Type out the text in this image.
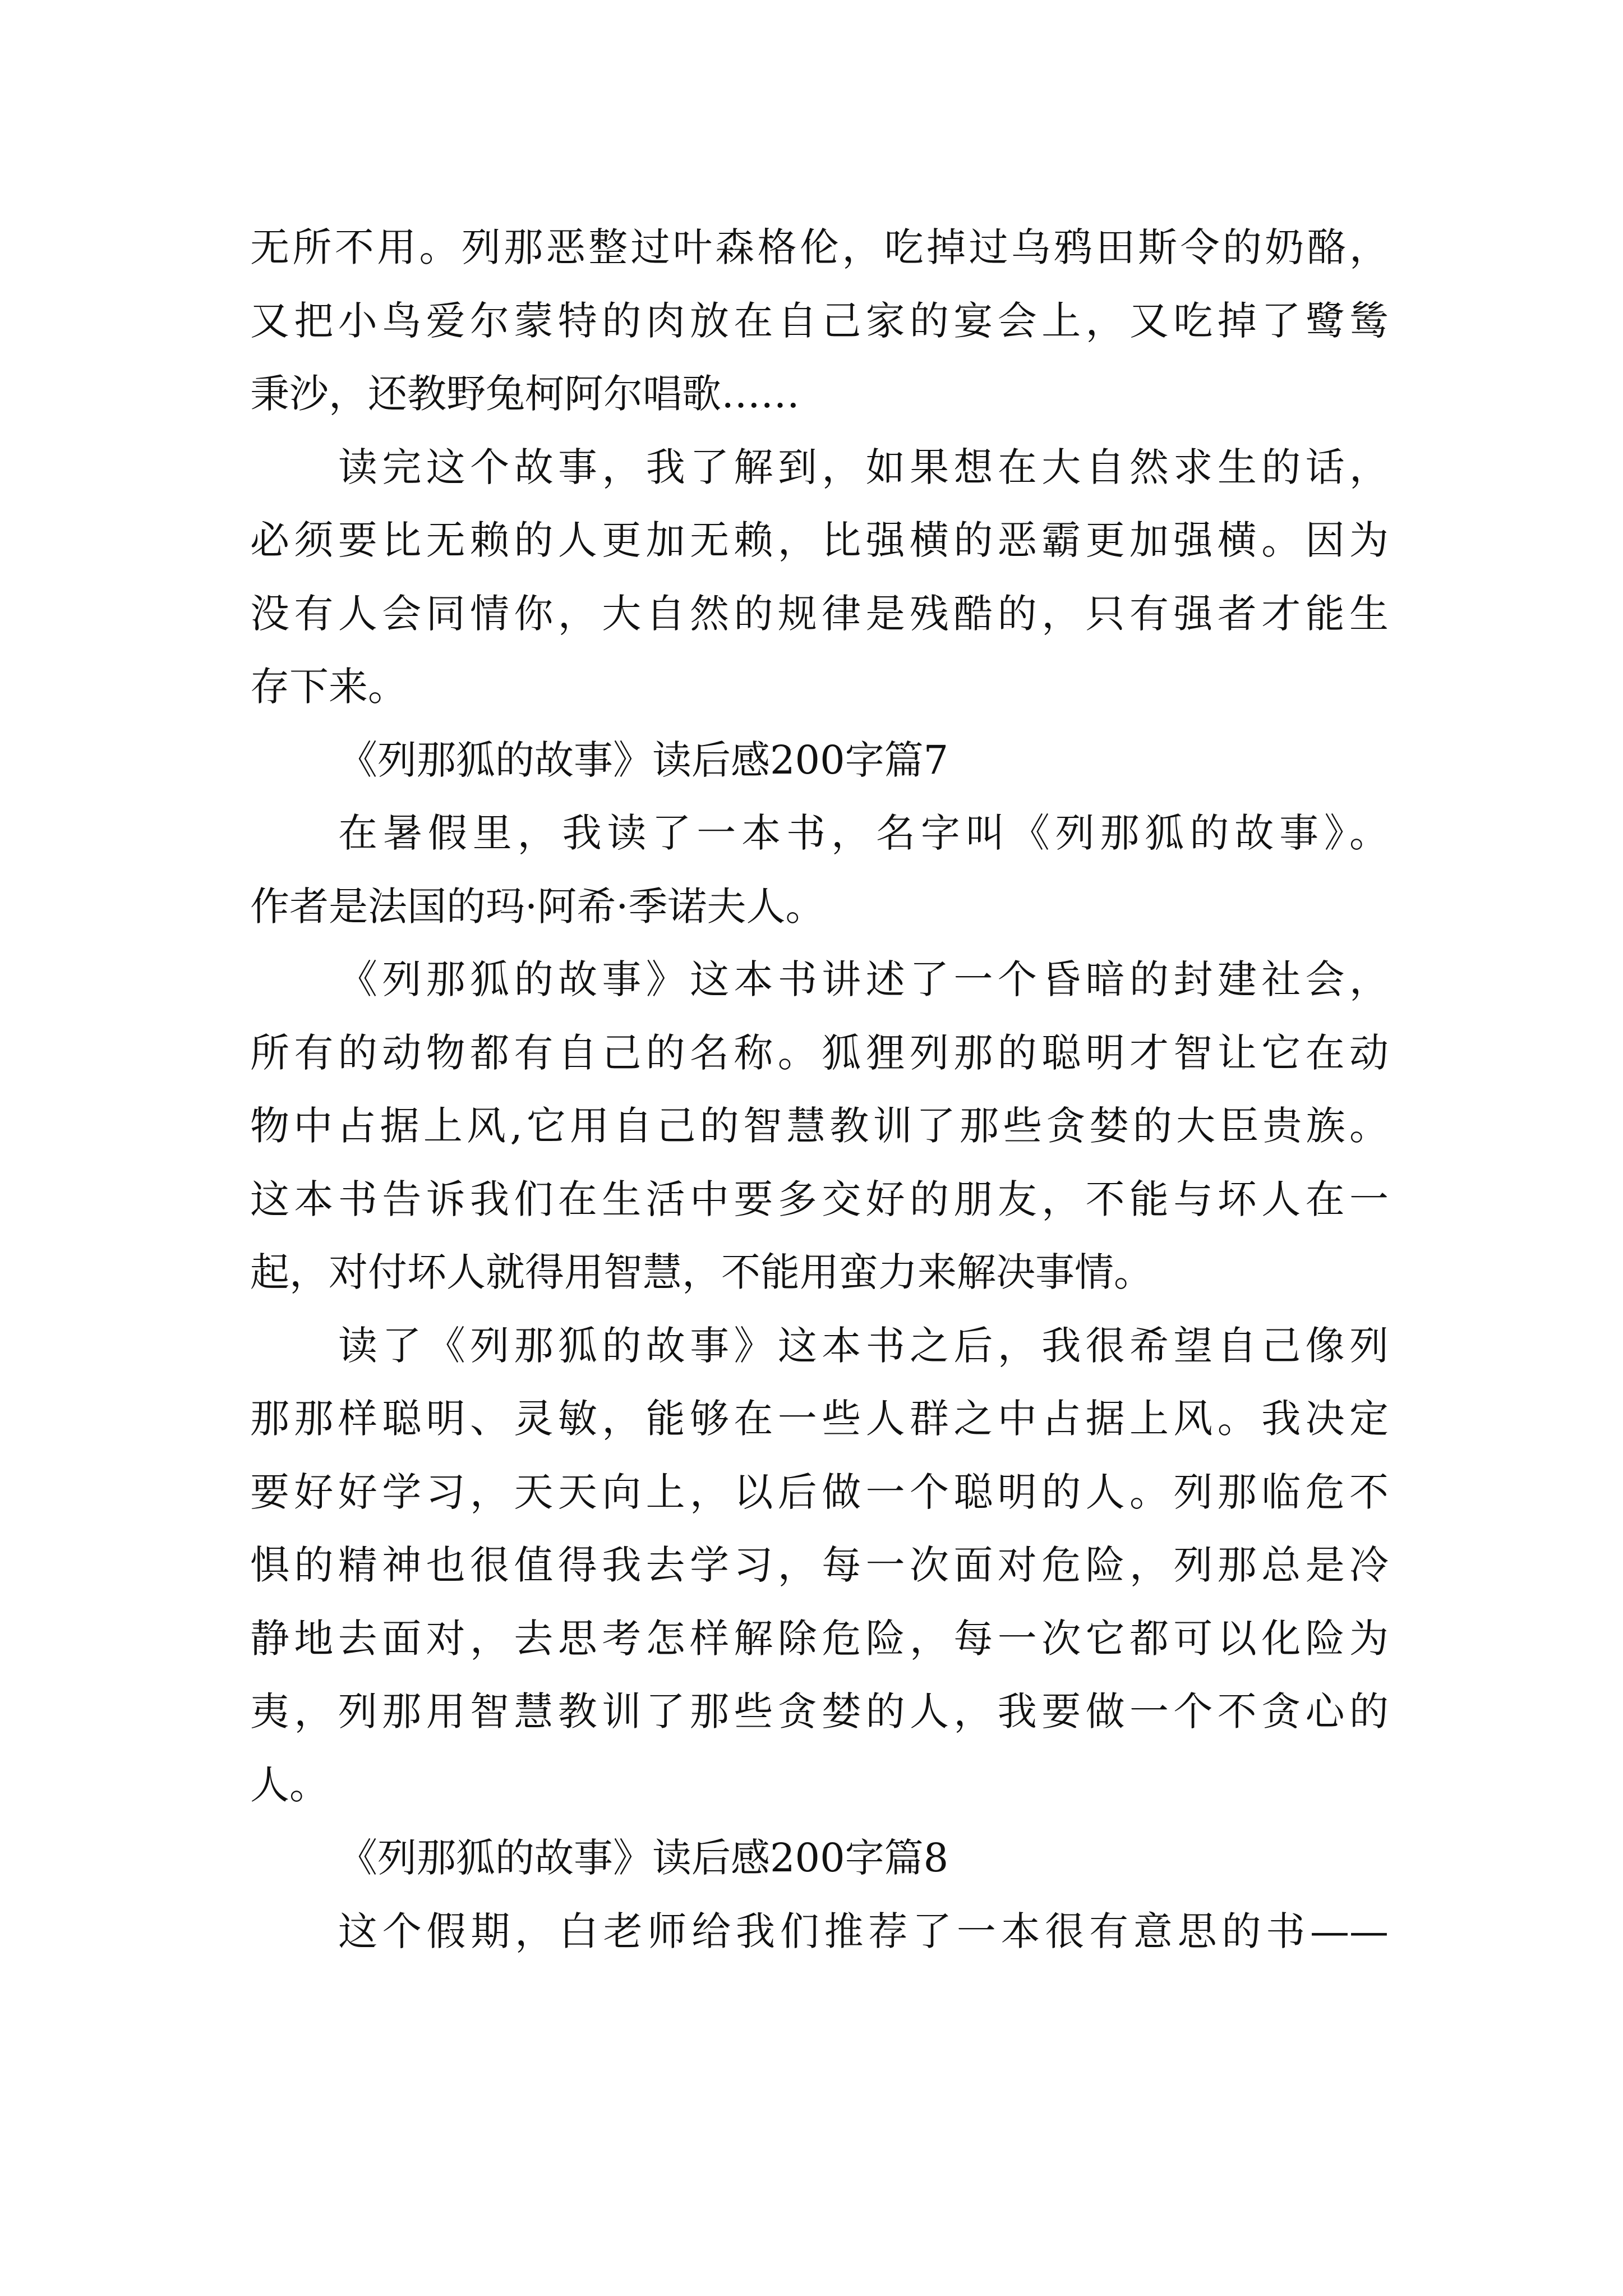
无所不用。列那恶整过叶森格伦，吃掉过乌鸦田斯令的奶酪，
又把小鸟爱尔蒙特的肉放在自己家的宴会上，又吃掉了鹭鸶
秉沙，还教野兔柯阿尔唱歌……
读完这个故事，我了解到，如果想在大自然求生的话，
必须要比无赖的人更加无赖，比强横的恶霸更加强横。因为
没有人会同情你，大自然的规律是残酷的，只有强者才能生
存下来。
《列那狐的故事》读后感200字篇7
在暑假里，我读了一本书，名字叫《列那狐的故事》。
作者是法国的玛·阿希·季诺夫人。
《列那狐的故事》这本书讲述了一个昏暗的封建社会，
所有的动物都有自己的名称。狐狸列那的聪明才智让它在动
物中占据上风,它用自己的智慧教训了那些贪婪的大臣贵族。
这本书告诉我们在生活中要多交好的朋友，不能与坏人在一
起，对付坏人就得用智慧，不能用蛮力来解决事情。
读了《列那狐的故事》这本书之后，我很希望自己像列
那那样聪明、灵敏，能够在一些人群之中占据上风。我决定
要好好学习，天天向上，以后做一个聪明的人。列那临危不
惧的精神也很值得我去学习，每一次面对危险，列那总是冷
静地去面对，去思考怎样解除危险，每一次它都可以化险为
夷，列那用智慧教训了那些贪婪的人，我要做一个不贪心的
人。
《列那狐的故事》读后感200字篇8
这个假期，白老师给我们推荐了一本很有意思的书——
